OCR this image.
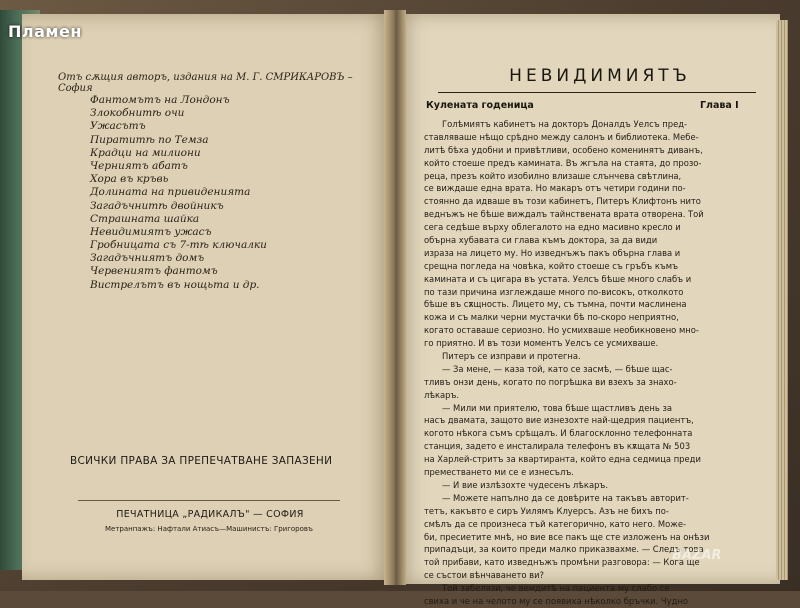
Пламен
Отъ сѫщия авторъ, издания на М. Г. СМРИКАРОВЪ – София
Фантомътъ на Лондонъ
Злокобнитѣ очи
Ужасътъ
Пиратитѣ по Темза
Крадци на милиони
Черниятъ абатъ
Хора въ кръвь
Долината на привиденията
Загадъчнитѣ двойникъ
Страшната шайка
Невидимиятъ ужасъ
Гробницата съ 7-тѣ ключалки
Загадъчниятъ домъ
Червениятъ фантомъ
Вистрелътъ въ нощьта и др.
ВСИЧКИ ПРАВА ЗА ПРЕПЕЧАТВАНЕ ЗАПАЗЕНИ
ПЕЧАТНИЦА „РАДИКАЛЪ" — СОФИЯ
Метранпажъ: Нафтали Атиасъ—Машинистъ: Григоровъ
НЕВИДИМИЯТЪ
Кулената годеница	Глава I
Голѣмиятъ кабинетъ на докторъ Доналдъ Уелсъ пред-
ставляваше нѣщо срѣдно между салонъ и библиотека. Мебе-
литѣ бѣха удобни и привѣтливи, особено коменинятъ диванъ,
който стоеше предъ камината. Въ жгъла на стаята, до прозо-
реца, презъ който изобилно влизаше слънчева свѣтлина,
се виждаше една врата. Но макаръ отъ четири години по-
стоянно да идваше въ този кабинетъ, Питеръ Клифтонъ нито
веднъжъ не бѣше виждалъ тайнствената врата отворена. Той
сега седѣше върху облегалото на едно масивно кресло и
обърна хубавата си глава къмъ доктора, за да види
израза на лицето му. Но изведнъжъ пакъ обърна глава и
срещна погледа на човѣка, който стоеше съ гръбъ къмъ
камината и съ цигара въ устата. Уелсъ бѣше много слабъ и
по тази причина изглеждаше много по-високъ, отколкото
бѣше въ сѫщность. Лицето му, съ тъмна, почти маслинена
кожа и съ малки черни мустачки бѣ по-скоро неприятно,
когато оставаше сериозно. Но усмихваше необикновено мно-
го приятно. И въ този моментъ Уелсъ се усмихваше.
Питеръ се изправи и протегна.
— За мене, — каза той, като се засмѣ, — бѣше щас-
тливъ онзи день, когато по погрѣшка ви взехъ за знахо-
лѣкаръ.
— Мили ми приятелю, това бѣше щастливъ день за
насъ двамата, защото вие изнезохте най-щедрия пациентъ,
когото нѣкога съмъ срѣщалъ. И благосклонно телефонната
станция, задето е инсталирала телефонъ въ кѫщата № 503
на Харлей-стритъ за квартиранта, който една седмица преди
преместването ми се е изнесълъ.
— И вие излѣзохте чудесенъ лѣкаръ.
— Можете напълно да се довѣрите на такъвъ авторит-
тетъ, какъвто е сиръ Уилямъ Клуерсъ. Азъ не бихъ по-
смѣлъ да се произнеса тъй категорично, като него. Може-
би, пресиетите мнѣ, но вие все пакъ ще сте изложенъ на онѣзи
припадъци, за които преди малко приказвахме. — Следъ това
той прибави, като изведнъжъ промѣни разговора: — Кога ще
се състои вѣнчаването ви?
Той забелязи, че вемдитѣ на пациента му слабо се
свиха и че на челото му се появиха нѣколко бръчки. Чудно
BAZAR
